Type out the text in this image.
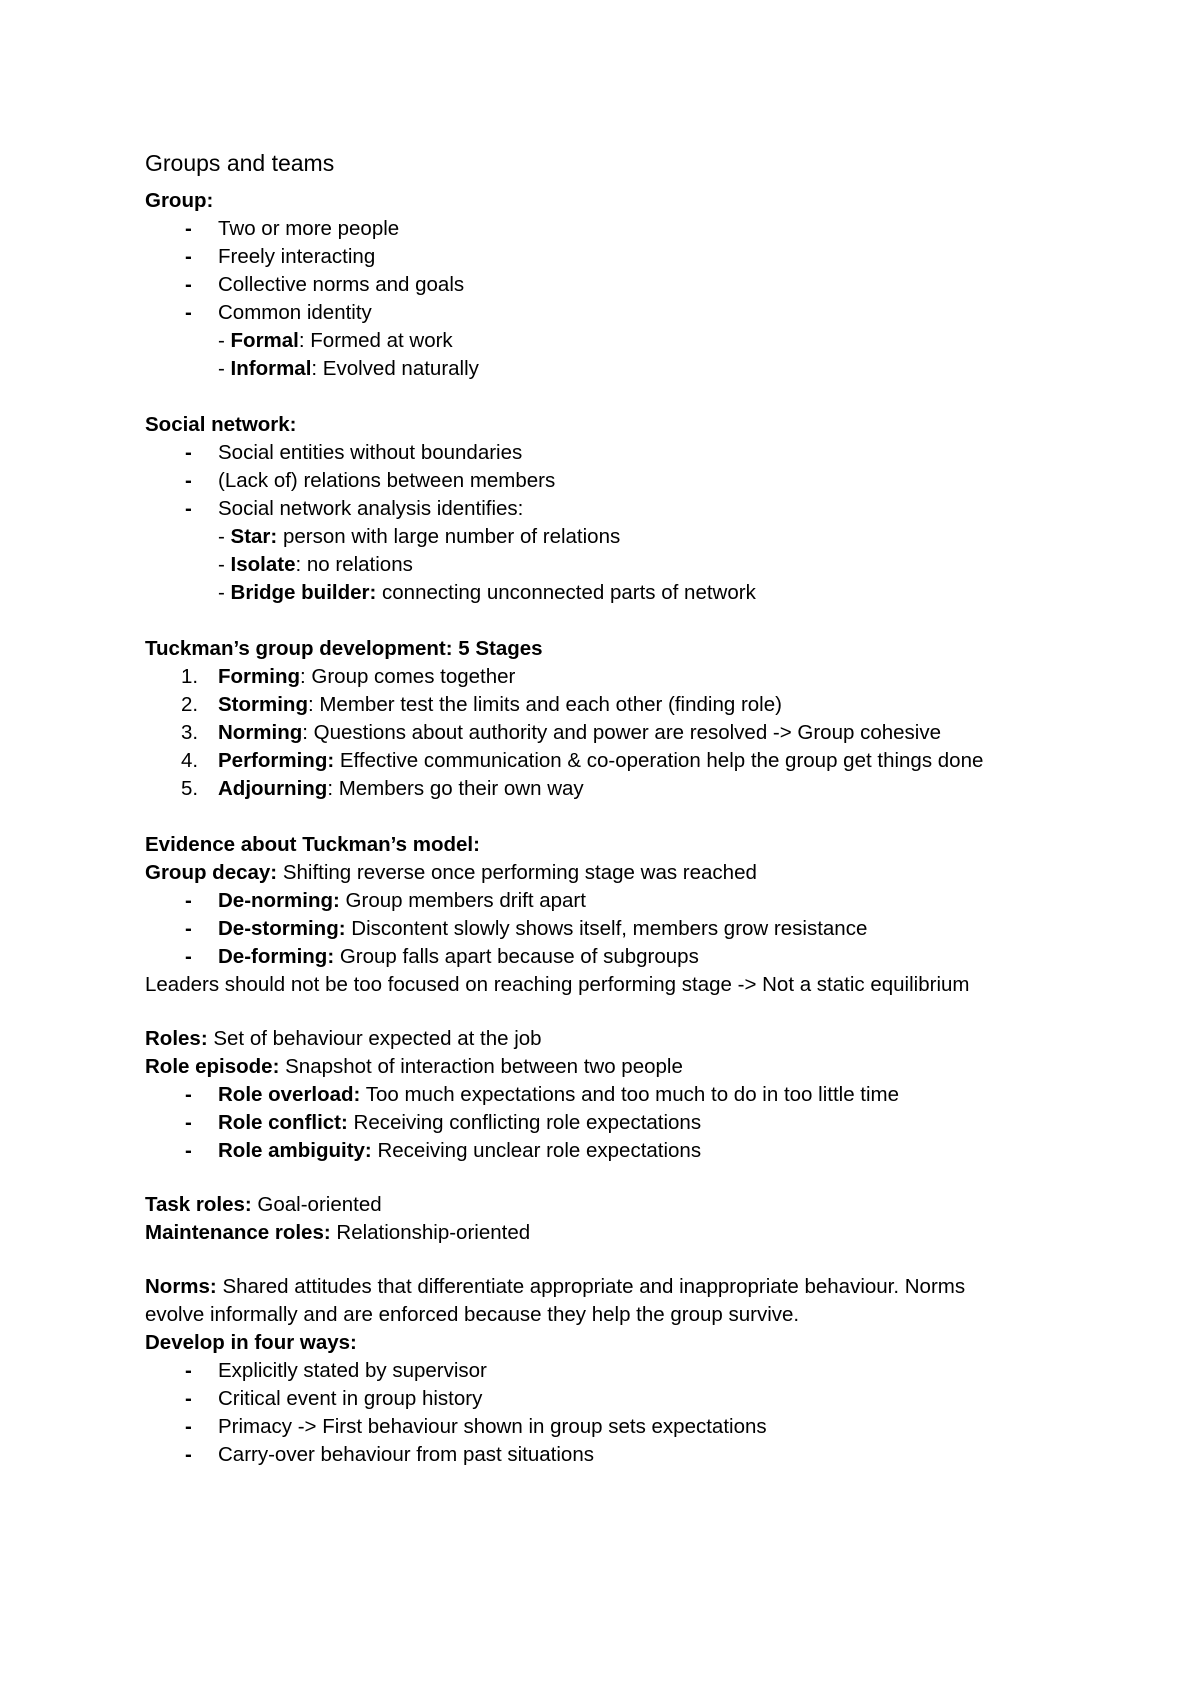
Groups and teams
Group:
- Two or more people
- Freely interacting
- Collective norms and goals
- Common identity
- Formal: Formed at work
- Informal: Evolved naturally
Social network:
- Social entities without boundaries
- (Lack of) relations between members
- Social network analysis identifies:
- Star: person with large number of relations
- Isolate: no relations
- Bridge builder: connecting unconnected parts of network
Tuckman’s group development: 5 Stages
1. Forming: Group comes together
2. Storming: Member test the limits and each other (finding role)
3. Norming: Questions about authority and power are resolved -> Group cohesive
4. Performing: Effective communication & co-operation help the group get things done
5. Adjourning: Members go their own way
Evidence about Tuckman’s model:
Group decay: Shifting reverse once performing stage was reached
- De-norming: Group members drift apart
- De-storming: Discontent slowly shows itself, members grow resistance
- De-forming: Group falls apart because of subgroups
Leaders should not be too focused on reaching performing stage -> Not a static equilibrium
Roles: Set of behaviour expected at the job
Role episode: Snapshot of interaction between two people
- Role overload: Too much expectations and too much to do in too little time
- Role conflict: Receiving conflicting role expectations
- Role ambiguity: Receiving unclear role expectations
Task roles: Goal-oriented
Maintenance roles: Relationship-oriented
Norms: Shared attitudes that differentiate appropriate and inappropriate behaviour. Norms
evolve informally and are enforced because they help the group survive.
Develop in four ways:
- Explicitly stated by supervisor
- Critical event in group history
- Primacy -> First behaviour shown in group sets expectations
- Carry-over behaviour from past situations
